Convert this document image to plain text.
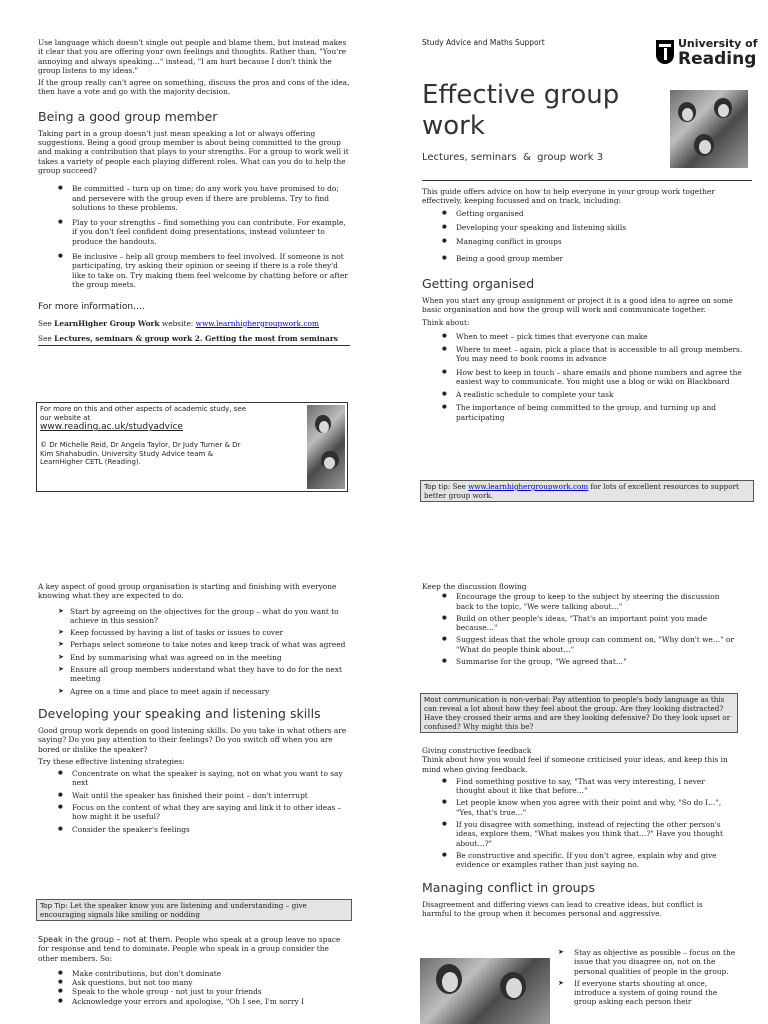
Use language which doesn't single out people and blame them, but instead makes it clear that you are offering your own feelings and thoughts. Rather than, "You're annoying and always speaking…" instead, "I am hurt because I don't think the group listens to my ideas."

If the group really can't agree on something, discuss the pros and cons of the idea, then have a vote and go with the majority decision.

Being a good group member

Taking part in a group doesn't just mean speaking a lot or always offering suggestions. Being a good group member is about being committed to the group and making a contribution that plays to your strengths. For a group to work well it takes a variety of people each playing different roles. What can you do to help the group succeed?

● Be committed – turn up on time; do any work you have promised to do; and persevere with the group even if there are problems. Try to find solutions to these problems.
● Play to your strengths – find something you can contribute. For example, if you don't feel confident doing presentations, instead volunteer to produce the handouts.
● Be inclusive – help all group members to feel involved. If someone is not participating, try asking their opinion or seeing if there is a role they'd like to take on. Try making them feel welcome by chatting before or after the group meets.
For more information….
See LearnHigher Group Work website: www.learnhighergroupwork.com
See Lectures, seminars & group work 2. Getting the most from seminars
For more on this and other aspects of academic study, see our website at
www.reading.ac.uk/studyadvice
© Dr Michelle Reid, Dr Angela Taylor, Dr Judy Turner & Dr Kim Shahabudin. University Study Advice team & LearnHigher CETL (Reading).
Study Advice and Maths Support	University of
Reading
Effective group work
Lectures, seminars  &  group work 3

This guide offers advice on how to help everyone in your group work together effectively, keeping focussed and on track, including:

● Getting organised
● Developing your speaking and listening skills
● Managing conflict in groups
● Being a good group member
Getting organised

When you start any group assignment or project it is a good idea to agree on some basic organisation and how the group will work and communicate together.

Think about:

● When to meet – pick times that everyone can make
● Where to meet – again, pick a place that is accessible to all group members. You may need to book rooms in advance
● How best to keep in touch – share emails and phone numbers and agree the easiest way to communicate. You might use a blog or wiki on Blackboard
● A realistic schedule to complete your task
● The importance of being committed to the group, and turning up and participating
Top tip: See www.learnhighergroupwork.com for lots of excellent resources to support better group work.

A key aspect of good group organisation is starting and finishing with everyone knowing what they are expected to do.

➤ Start by agreeing on the objectives for the group – what do you want to achieve in this session?
➤ Keep focussed by having a list of tasks or issues to cover
➤ Perhaps select someone to take notes and keep track of what was agreed
➤ End by summarising what was agreed on in the meeting
➤ Ensure all group members understand what they have to do for the next meeting
➤ Agree on a time and place to meet again if necessary
Developing your speaking and listening skills

Good group work depends on good listening skills. Do you take in what others are saying? Do you pay attention to their feelings? Do you switch off when you are bored or dislike the speaker?

Try these effective listening strategies:

● Concentrate on what the speaker is saying, not on what you want to say next
● Wait until the speaker has finished their point – don't interrupt
● Focus on the content of what they are saying and link it to other ideas – how might it be useful?
● Consider the speaker's feelings
Top Tip: Let the speaker know you are listening and understanding – give encouraging signals like smiling or nodding

Speak in the group – not at them. People who speak at a group leave no space for response and tend to dominate. People who speak in a group consider the other members. So:

● Make contributions, but don't dominate
● Ask questions, but not too many
● Speak to the whole group - not just to your friends
● Acknowledge your errors and apologise, "Oh I see, I'm sorry I
Keep the discussion flowing
● Encourage the group to keep to the subject by steering the discussion back to the topic, "We were talking about…"
● Build on other people's ideas, "That's an important point you made because…"
● Suggest ideas that the whole group can comment on, "Why don't we…" or "What do people think about…"
● Summarise for the group, "We agreed that…"
Most communication is non-verbal: Pay attention to people's body language as this can reveal a lot about how they feel about the group. Are they looking distracted? Have they crossed their arms and are they looking defensive? Do they look upset or confused? Why might this be?
Giving constructive feedback

Think about how you would feel if someone criticised your ideas, and keep this in mind when giving feedback.

● Find something positive to say, "That was very interesting, I never thought about it like that before…"
● Let people know when you agree with their point and why, "So do I…", "Yes, that's true…"
● If you disagree with something, instead of rejecting the other person's ideas, explore them, "What makes you think that…?" Have you thought about…?"
● Be constructive and specific. If you don't agree, explain why and give evidence or examples rather than just saying no.
Managing conflict in groups

Disagreement and differing views can lead to creative ideas, but conflict is harmful to the group when it becomes personal and aggressive.

➤ Stay as objective as possible – focus on the issue that you disagree on, not on the personal qualities of people in the group.
➤ If everyone starts shouting at once, introduce a system of going round the group asking each person their
